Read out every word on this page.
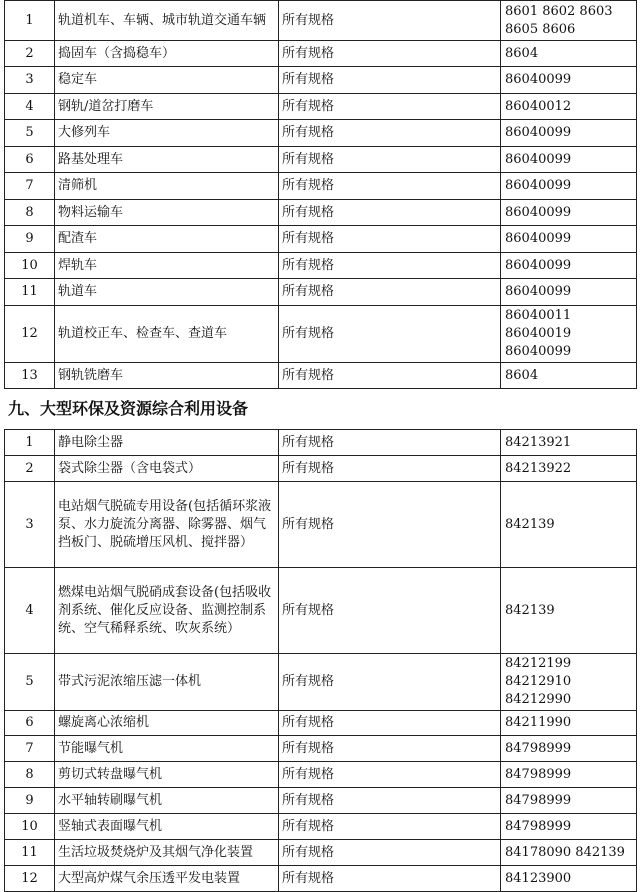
1	轨道机车、车辆、城市轨道交通车辆	所有规格	8601 8602 8603 8605 8606
2	捣固车（含捣稳车）	所有规格	8604
3	稳定车	所有规格	86040099
4	钢轨/道岔打磨车	所有规格	86040012
5	大修列车	所有规格	86040099
6	路基处理车	所有规格	86040099
7	清筛机	所有规格	86040099
8	物料运输车	所有规格	86040099
9	配渣车	所有规格	86040099
10	焊轨车	所有规格	86040099
11	轨道车	所有规格	86040099
12	轨道校正车、检查车、查道车	所有规格	86040011 86040019 86040099
13	钢轨铣磨车	所有规格	8604
九、大型环保及资源综合利用设备
1	静电除尘器	所有规格	84213921
2	袋式除尘器（含电袋式）	所有规格	84213922
3	电站烟气脱硫专用设备(包括循环浆液泵、水力旋流分离器、除雾器、烟气挡板门、脱硫增压风机、搅拌器）	所有规格	842139
4	燃煤电站烟气脱硝成套设备(包括吸收剂系统、催化反应设备、监测控制系统、空气稀释系统、吹灰系统）	所有规格	842139
5	带式污泥浓缩压滤一体机	所有规格	84212199 84212910 84212990
6	螺旋离心浓缩机	所有规格	84211990
7	节能曝气机	所有规格	84798999
8	剪切式转盘曝气机	所有规格	84798999
9	水平轴转刷曝气机	所有规格	84798999
10	竖轴式表面曝气机	所有规格	84798999
11	生活垃圾焚烧炉及其烟气净化装置	所有规格	84178090 842139
12	大型高炉煤气余压透平发电装置	所有规格	84123900
